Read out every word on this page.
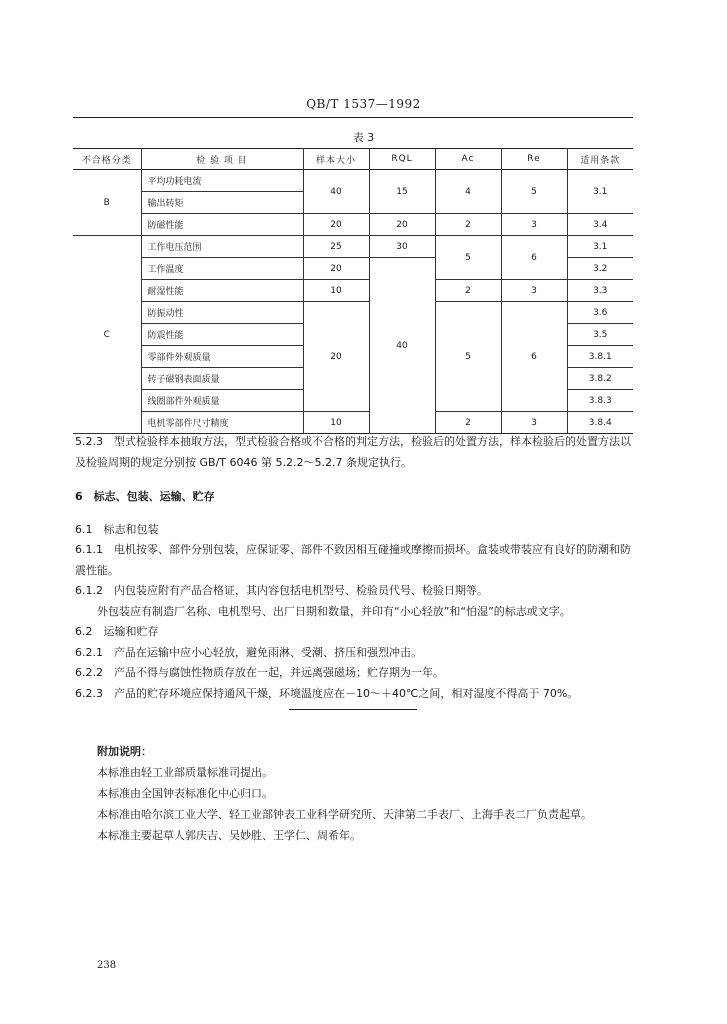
QB/T 1537—1992
表 3
不合格分类	检 验 项 目	样本大小	RQL	Ac	Re	适用条款
B	平均功耗电流	40	15	4	5	3.1
	输出转矩					
	防磁性能	20	20	2	3	3.4
C	工作电压范围	25	30	5	6	3.1
	工作温度	20	40			3.2
	耐湿性能	10		2	3	3.3
	防振动性	20		5	6	3.6
	防震性能					3.5
	零部件外观质量					3.8.1
	转子磁钢表面质量					3.8.2
	线圈部件外观质量					3.8.3
	电机零部件尺寸精度	10		2	3	3.8.4

5.2.3　型式检验样本抽取方法，型式检验合格或不合格的判定方法，检验后的处置方法，样本检验后的处置方法以及检验周期的规定分别按 GB/T 6046 第 5.2.2～5.2.7 条规定执行。

6　标志、包装、运输、贮存

6.1　标志和包装

6.1.1　电机按零、部件分别包装，应保证零、部件不致因相互碰撞或摩擦而损坏。盒装或带装应有良好的防潮和防震性能。

6.1.2　内包装应附有产品合格证，其内容包括电机型号、检验员代号、检验日期等。

外包装应有制造厂名称、电机型号、出厂日期和数量，并印有“小心轻放”和“怕湿”的标志或文字。

6.2　运输和贮存

6.2.1　产品在运输中应小心轻放，避免雨淋、受潮、挤压和强烈冲击。

6.2.2　产品不得与腐蚀性物质存放在一起，并远离强磁场；贮存期为一年。

6.2.3　产品的贮存环境应保持通风干燥，环境温度应在－10～＋40℃之间，相对湿度不得高于 70%。

附加说明：

本标准由轻工业部质量标准司提出。

本标准由全国钟表标准化中心归口。

本标准由哈尔滨工业大学、轻工业部钟表工业科学研究所、天津第二手表厂、上海手表二厂负责起草。

本标准主要起草人郭庆吉、吴妙胜、王学仁、周希年。

238
